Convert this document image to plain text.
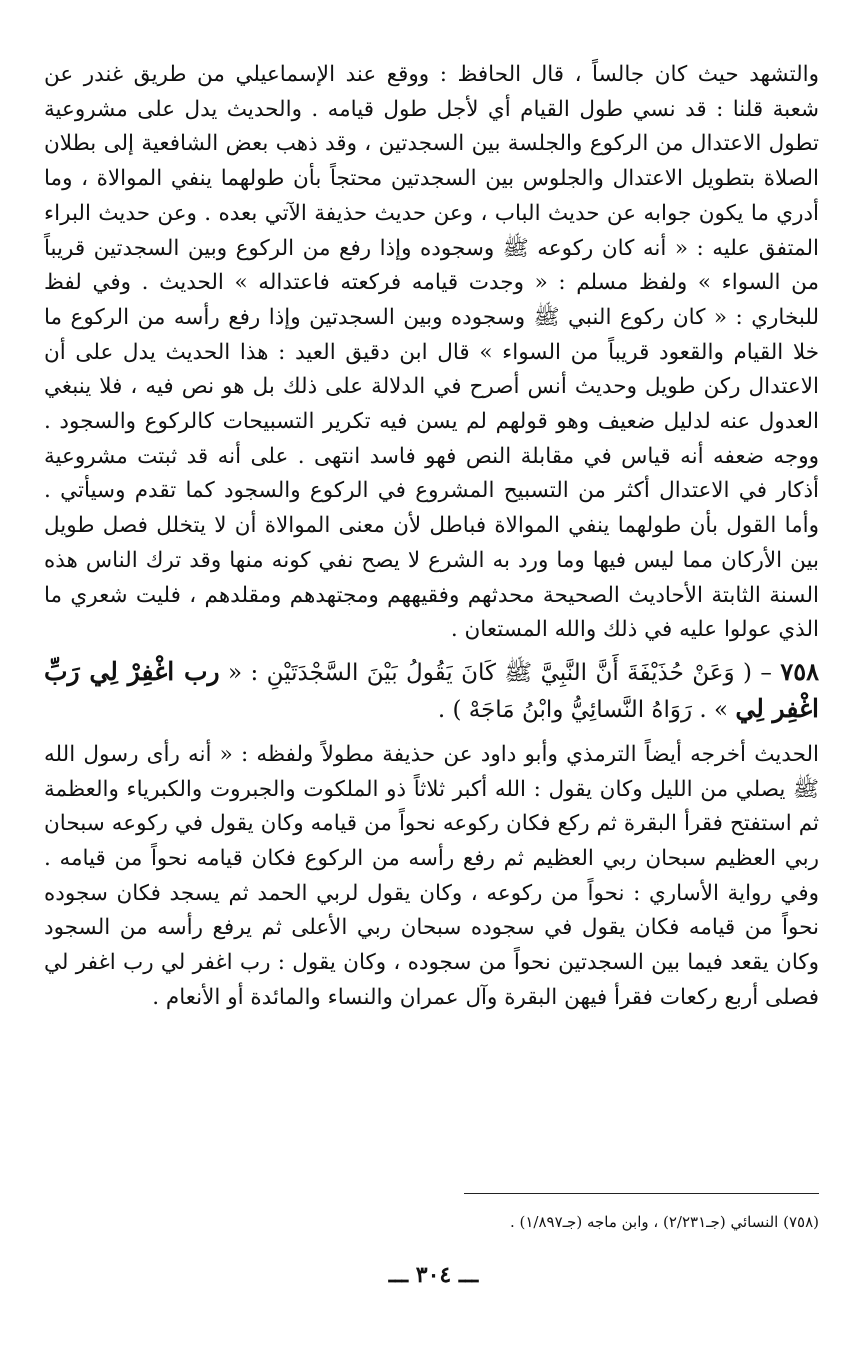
والتشهد حيث كان جالساً ، قال الحافظ : ووقع عند الإسماعيلي من طريق غندر عن شعبة قلنا : قد نسي طول القيام أي لأجل طول قيامه . والحديث يدل على مشروعية تطول الاعتدال من الركوع والجلسة بين السجدتين ، وقد ذهب بعض الشافعية إلى بطلان الصلاة بتطويل الاعتدال والجلوس بين السجدتين محتجاً بأن طولهما ينفي الموالاة ، وما أدري ما يكون جوابه عن حديث الباب ، وعن حديث حذيفة الآتي بعده . وعن حديث البراء المتفق عليه : « أنه كان ركوعه ﷺ وسجوده وإذا رفع من الركوع وبين السجدتين قريباً من السواء » ولفظ مسلم : « وجدت قيامه فركعته فاعتداله » الحديث . وفي لفظ للبخاري : « كان ركوع النبي ﷺ وسجوده وبين السجدتين وإذا رفع رأسه من الركوع ما خلا القيام والقعود قريباً من السواء » قال ابن دقيق العيد : هذا الحديث يدل على أن الاعتدال ركن طويل وحديث أنس أصرح في الدلالة على ذلك بل هو نص فيه ، فلا ينبغي العدول عنه لدليل ضعيف وهو قولهم لم يسن فيه تكرير التسبيحات كالركوع والسجود . ووجه ضعفه أنه قياس في مقابلة النص فهو فاسد انتهى . على أنه قد ثبتت مشروعية أذكار في الاعتدال أكثر من التسبيح المشروع في الركوع والسجود كما تقدم وسيأتي . وأما القول بأن طولهما ينفي الموالاة فباطل لأن معنى الموالاة أن لا يتخلل فصل طويل بين الأركان مما ليس فيها وما ورد به الشرع لا يصح نفي كونه منها وقد ترك الناس هذه السنة الثابتة الأحاديث الصحيحة محدثهم وفقيههم ومجتهدهم ومقلدهم ، فليت شعري ما الذي عولوا عليه في ذلك والله المستعان .

٧٥٨ – ( وَعَنْ حُذَيْفَةَ أَنَّ النَّبِيَّ ﷺ كَانَ يَقُولُ بَيْنَ السَّجْدَتَيْنِ : « رب اغْفِرْ لِي رَبِّ اغْفِر لِي » . رَوَاهُ النَّسائِيُّ وابْنُ مَاجَهْ ) .

الحديث أخرجه أيضاً الترمذي وأبو داود عن حذيفة مطولاً ولفظه : « أنه رأى رسول الله ﷺ يصلي من الليل وكان يقول : الله أكبر ثلاثاً ذو الملكوت والجبروت والكبرياء والعظمة ثم استفتح فقرأ البقرة ثم ركع فكان ركوعه نحواً من قيامه وكان يقول في ركوعه سبحان ربي العظيم سبحان ربي العظيم ثم رفع رأسه من الركوع فكان قيامه نحواً من قيامه . وفي رواية الأساري : نحواً من ركوعه ، وكان يقول لربي الحمد ثم يسجد فكان سجوده نحواً من قيامه فكان يقول في سجوده سبحان ربي الأعلى ثم يرفع رأسه من السجود وكان يقعد فيما بين السجدتين نحواً من سجوده ، وكان يقول : رب اغفر لي رب اغفر لي فصلى أربع ركعات فقرأ فيهن البقرة وآل عمران والنساء والمائدة أو الأنعام .

(٧٥٨) النسائي (جـ٢/٢٣١) ، وابن ماجه (جـ١/٨٩٧) .
ـــ ٣٠٤ ـــ
